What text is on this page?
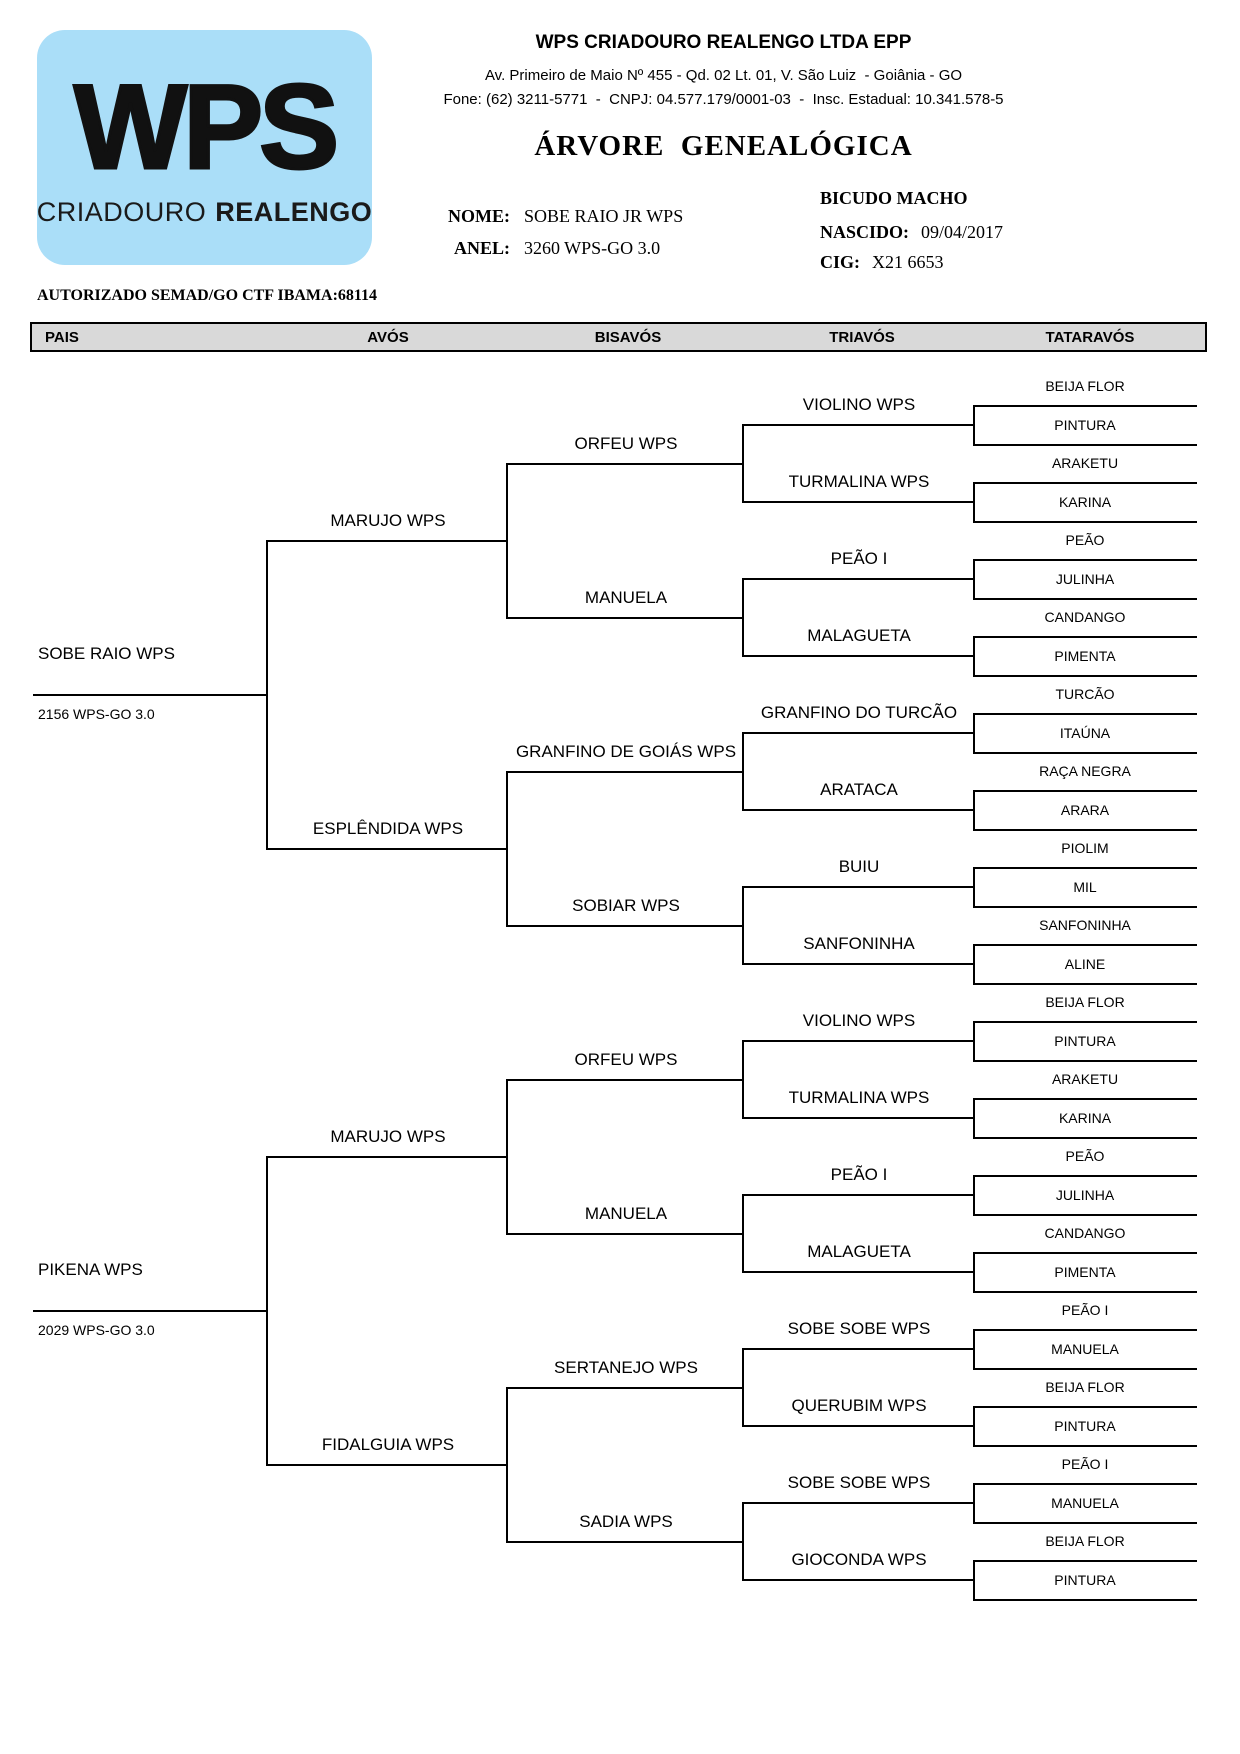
WPS
CRIADOURO REALENGO
WPS CRIADOURO REALENGO LTDA EPP
Av. Primeiro de Maio Nº 455 - Qd. 02 Lt. 01, V. São Luiz  - Goiânia - GO
Fone: (62) 3211-5771  -  CNPJ: 04.577.179/0001-03  -  Insc. Estadual: 10.341.578-5
ÁRVORE  GENEALÓGICA
NOME: SOBE RAIO JR WPS
ANEL: 3260 WPS-GO 3.0
BICUDO MACHO
NASCIDO: 09/04/2017
CIG: X21 6653
AUTORIZADO SEMAD/GO CTF IBAMA:68114
PAIS	AVÓS	BISAVÓS	TRIAVÓS	TATARAVÓS
SOBE RAIO WPS
2156 WPS-GO 3.0
MARUJO WPS
ORFEU WPS
VIOLINO WPS
BEIJA FLOR
PINTURA
TURMALINA WPS
ARAKETU
KARINA
MANUELA
PEÃO I
PEÃO
JULINHA
MALAGUETA
CANDANGO
PIMENTA
ESPLÊNDIDA WPS
GRANFINO DE GOIÁS WPS
GRANFINO DO TURCÃO
TURCÃO
ITAÚNA
ARATACA
RAÇA NEGRA
ARARA
SOBIAR WPS
BUIU
PIOLIM
MIL
SANFONINHA
SANFONINHA
ALINE
PIKENA WPS
2029 WPS-GO 3.0
MARUJO WPS
ORFEU WPS
VIOLINO WPS
BEIJA FLOR
PINTURA
TURMALINA WPS
ARAKETU
KARINA
MANUELA
PEÃO I
PEÃO
JULINHA
MALAGUETA
CANDANGO
PIMENTA
FIDALGUIA WPS
SERTANEJO WPS
SOBE SOBE WPS
PEÃO I
MANUELA
QUERUBIM WPS
BEIJA FLOR
PINTURA
SADIA WPS
SOBE SOBE WPS
PEÃO I
MANUELA
GIOCONDA WPS
BEIJA FLOR
PINTURA
